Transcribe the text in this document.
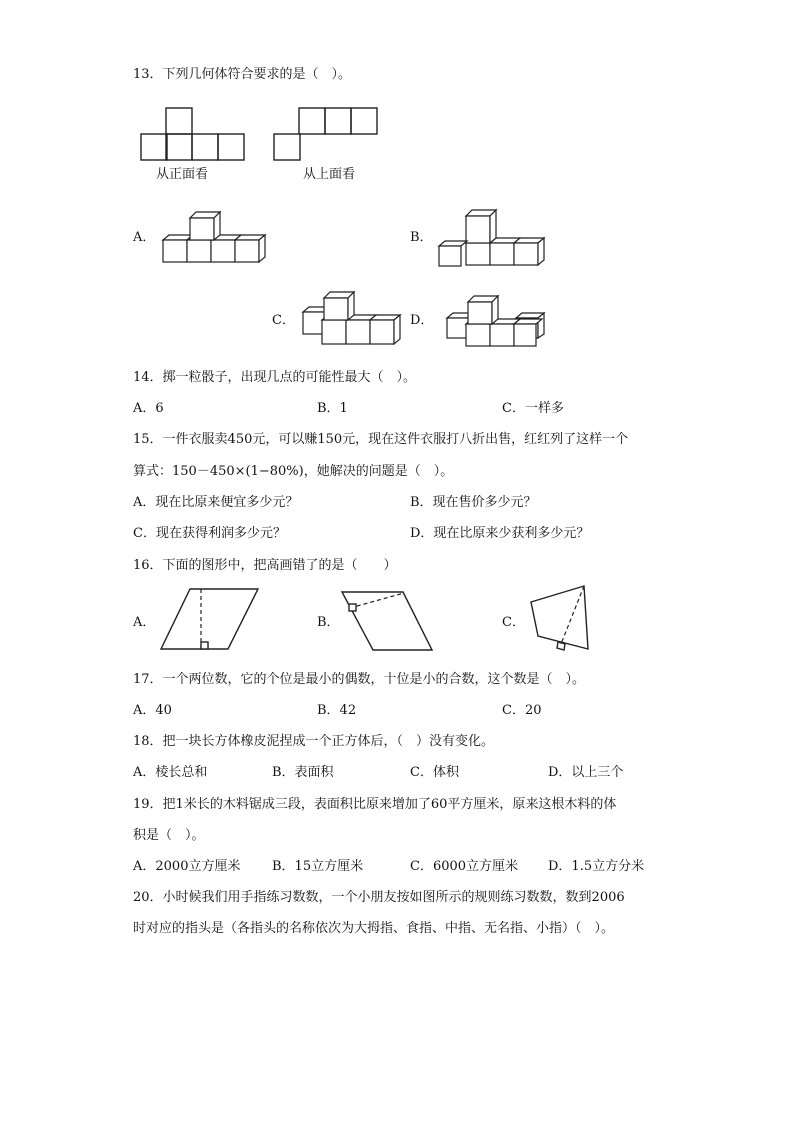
13．下列几何体符合要求的是（　）。
从正面看	从上面看
A．	B．
C．	D．
14．掷一粒骰子，出现几点的可能性最大（　）。
A．6	B．1	C．一样多
15．一件衣服卖450元，可以赚150元，现在这件衣服打八折出售，红红列了这样一个
算式：150－450×(1−80%)，她解决的问题是（　）。
A．现在比原来便宜多少元？	B．现在售价多少元？
C．现在获得利润多少元？	D．现在比原来少获利多少元？
16．下面的图形中，把高画错了的是（　　）
A．	B．	C．
17．一个两位数，它的个位是最小的偶数，十位是小的合数，这个数是（　）。
A．40	B．42	C．20
18．把一块长方体橡皮泥捏成一个正方体后，（　）没有变化。
A．棱长总和	B．表面积	C．体积	D．以上三个
19．把1米长的木料锯成三段，表面积比原来增加了60平方厘米，原来这根木料的体
积是（　）。
A．2000立方厘米 B．15立方厘米	C．6000立方厘米 D．1.5立方分米
20．小时候我们用手指练习数数，一个小朋友按如图所示的规则练习数数，数到2006
时对应的指头是（各指头的名称依次为大拇指、食指、中指、无名指、小指）（　）。
